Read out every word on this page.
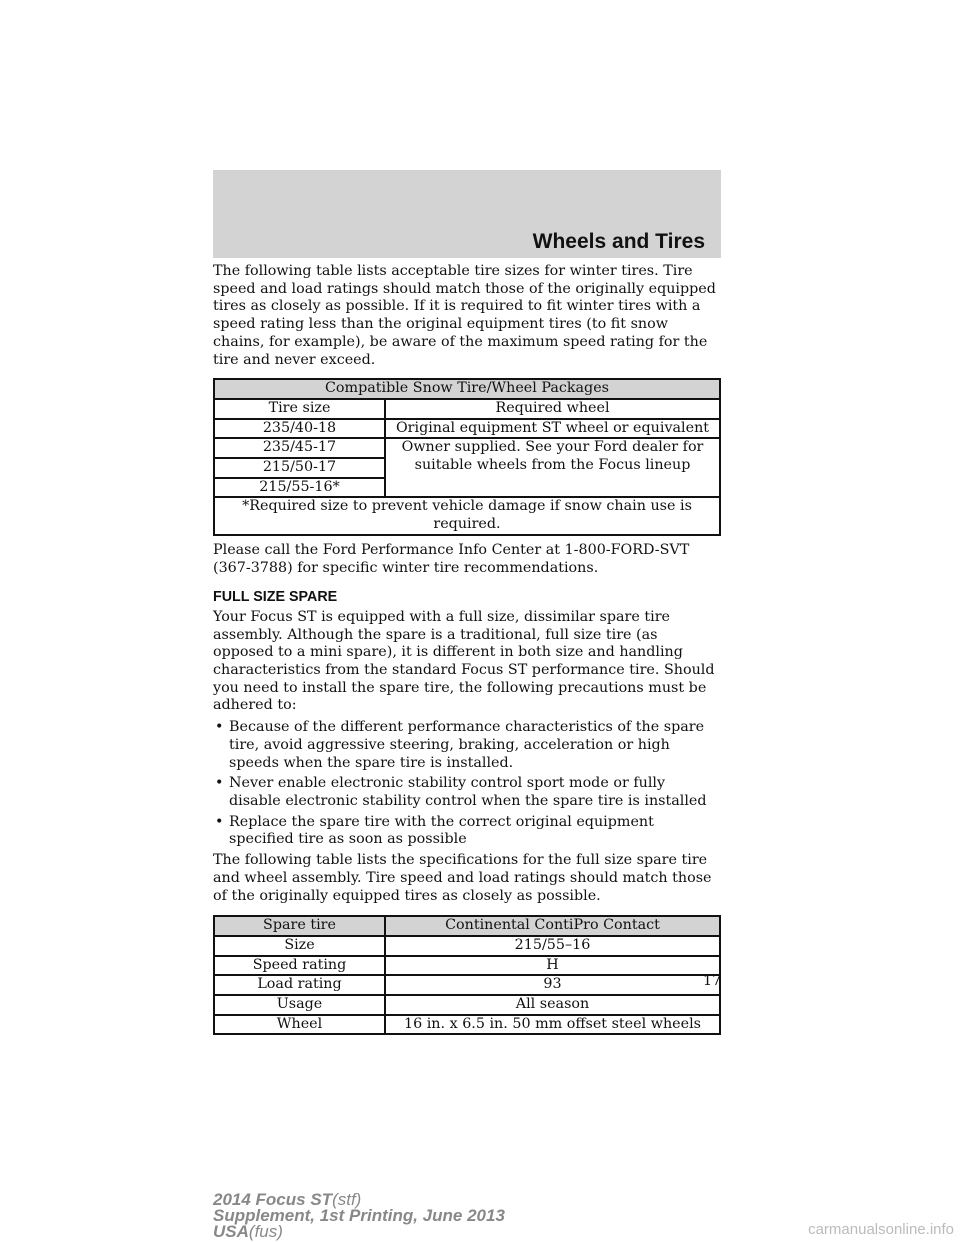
Wheels and Tires

The following table lists acceptable tire sizes for winter tires. Tire speed and load ratings should match those of the originally equipped tires as closely as possible. If it is required to fit winter tires with a speed rating less than the original equipment tires (to fit snow chains, for example), be aware of the maximum speed rating for the tire and never exceed.

Compatible Snow Tire/Wheel Packages	
Tire size	Required wheel
235/40-18	Original equipment ST wheel or equivalent
235/45-17	Owner supplied. See your Ford dealer for suitable wheels from the Focus lineup
215/50-17	
215/55-16*	
*Required size to prevent vehicle damage if snow chain use is required.	

Please call the Ford Performance Info Center at 1-800-FORD-SVT (367-3788) for specific winter tire recommendations.

FULL SIZE SPARE

Your Focus ST is equipped with a full size, dissimilar spare tire assembly. Although the spare is a traditional, full size tire (as opposed to a mini spare), it is different in both size and handling characteristics from the standard Focus ST performance tire. Should you need to install the spare tire, the following precautions must be adhered to:

• Because of the different performance characteristics of the spare tire, avoid aggressive steering, braking, acceleration or high speeds when the spare tire is installed.
• Never enable electronic stability control sport mode or fully disable electronic stability control when the spare tire is installed
• Replace the spare tire with the correct original equipment specified tire as soon as possible

The following table lists the specifications for the full size spare tire and wheel assembly. Tire speed and load ratings should match those of the originally equipped tires as closely as possible.

Spare tire	Continental ContiPro Contact
Size	215/55–16
Speed rating	H
Load rating	93
Usage	All season
Wheel	16 in. x 6.5 in. 50 mm offset steel wheels
17
2014 Focus ST(stf)
Supplement, 1st Printing, June 2013
USA(fus)	carmanualsonline.info
